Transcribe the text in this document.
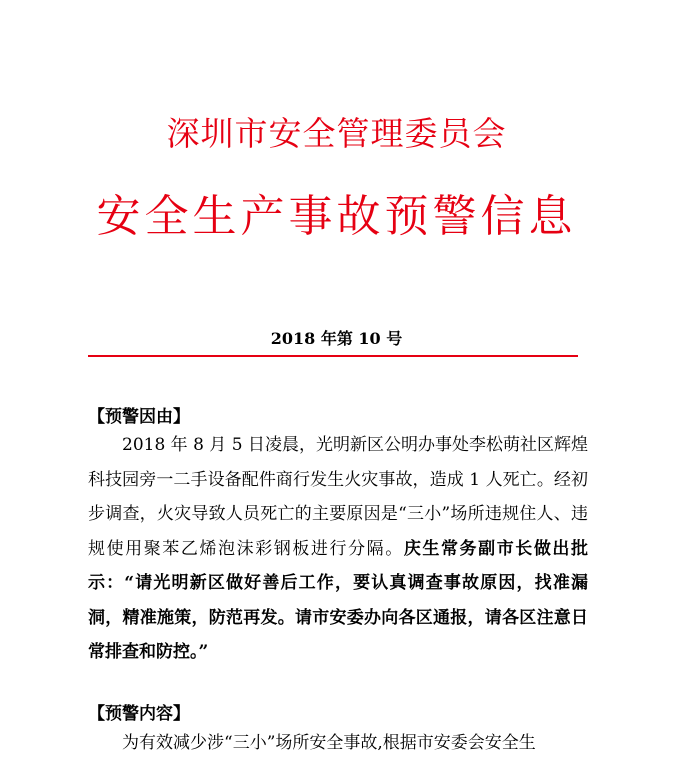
深圳市安全管理委员会
安全生产事故预警信息
2018 年第 10 号
【预警因由】

2018 年 8 月 5 日凌晨，光明新区公明办事处李松萌社区辉煌科技园旁一二手设备配件商行发生火灾事故，造成 1 人死亡。经初步调查，火灾导致人员死亡的主要原因是“三小”场所违规住人、违规使用聚苯乙烯泡沫彩钢板进行分隔。庆生常务副市长做出批示：“请光明新区做好善后工作，要认真调查事故原因，找准漏洞，精准施策，防范再发。请市安委办向各区通报，请各区注意日常排查和防控。”

【预警内容】

为有效减少涉“三小”场所安全事故,根据市安委会安全生
